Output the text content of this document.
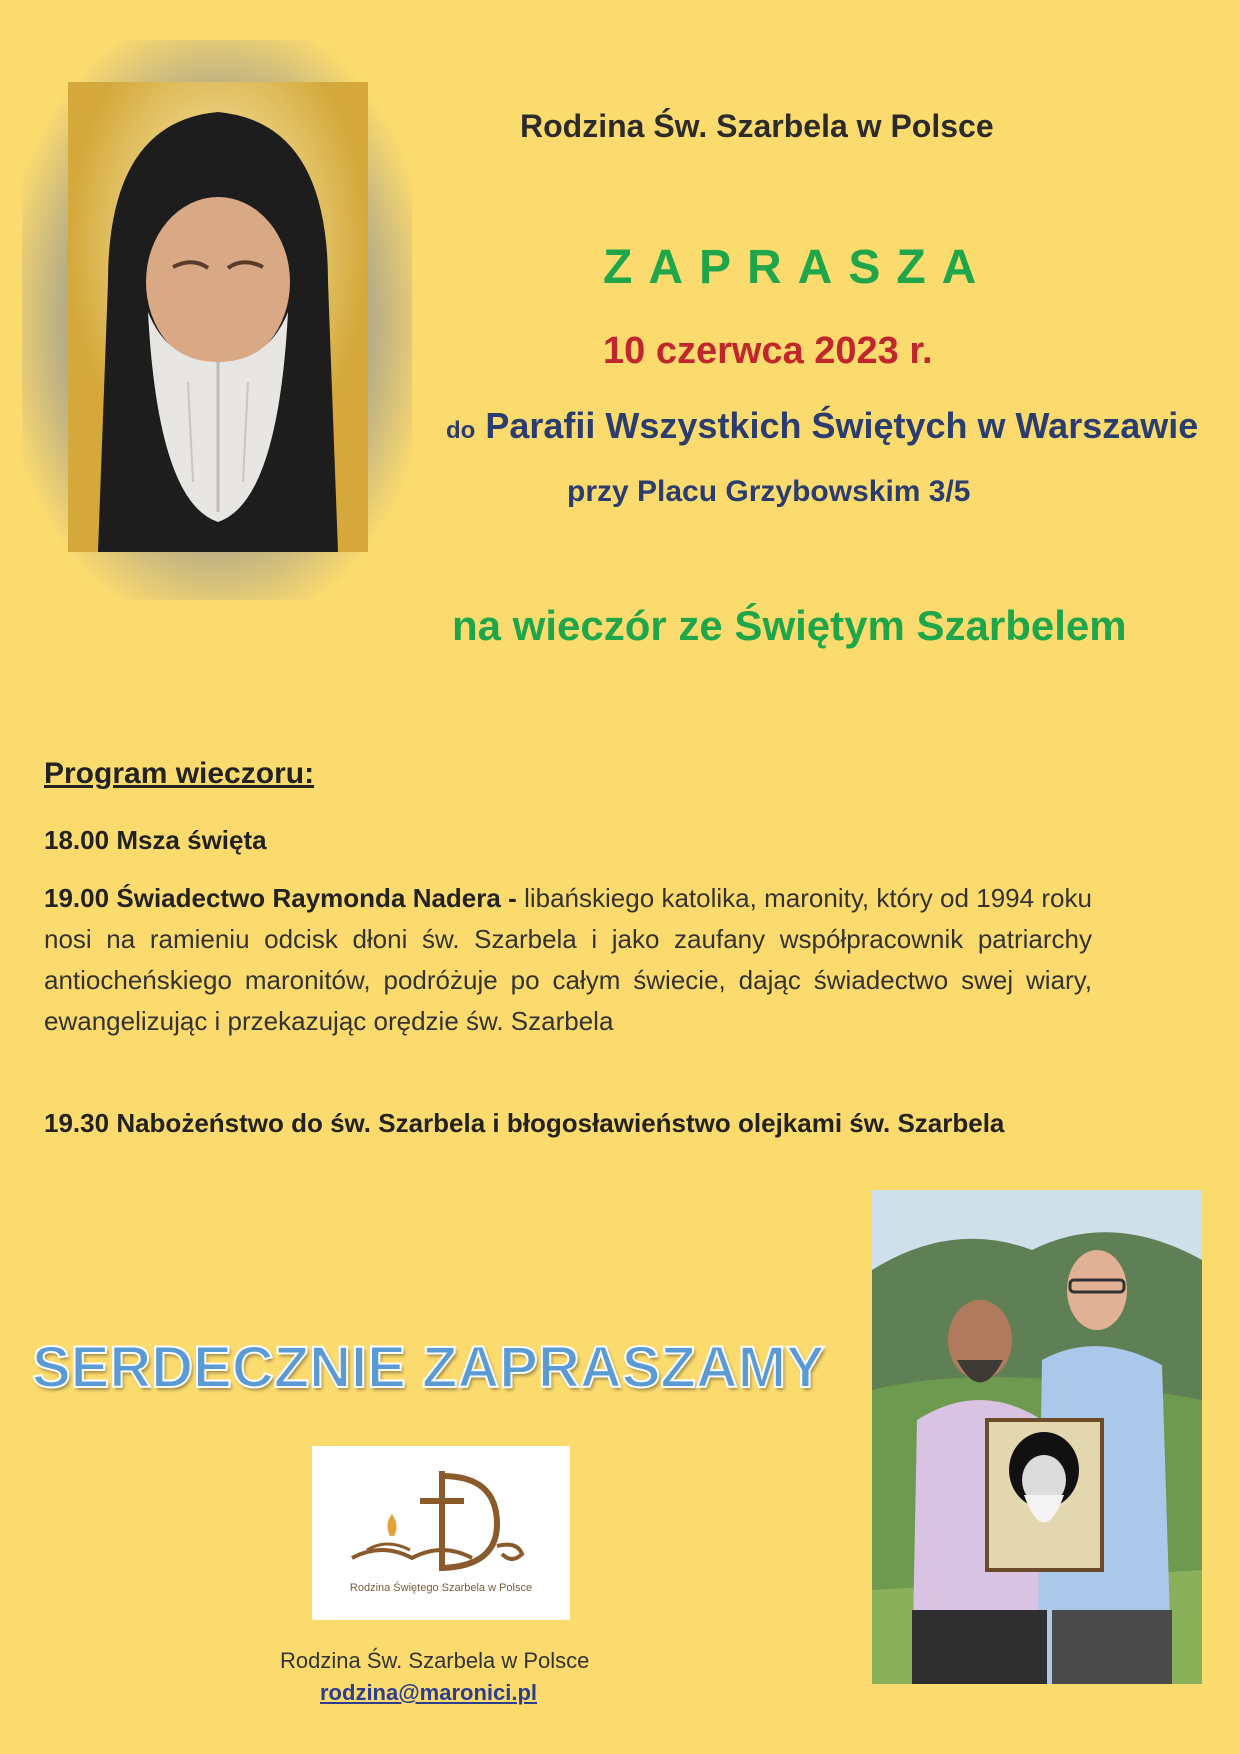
Rodzina Św. Szarbela w Polsce
ZAPRASZA
10 czerwca 2023 r.
do Parafii Wszystkich Świętych w Warszawie
przy Placu Grzybowskim 3/5
na wieczór ze Świętym Szarbelem
Program wieczoru:
18.00 Msza święta
19.00 Świadectwo Raymonda Nadera - libańskiego katolika, maronity, który od 1994 roku nosi na ramieniu odcisk dłoni św. Szarbela i jako zaufany współpracownik patriarchy antiocheńskiego maronitów, podróżuje po całym świecie, dając świadectwo swej wiary, ewangelizując i przekazując orędzie św. Szarbela
19.30 Nabożeństwo do św. Szarbela i błogosławieństwo olejkami św. Szarbela
SERDECZNIE ZAPRASZAMY
Rodzina Świętego Szarbela w Polsce
Rodzina Św. Szarbela w Polsce
rodzina@maronici.pl
